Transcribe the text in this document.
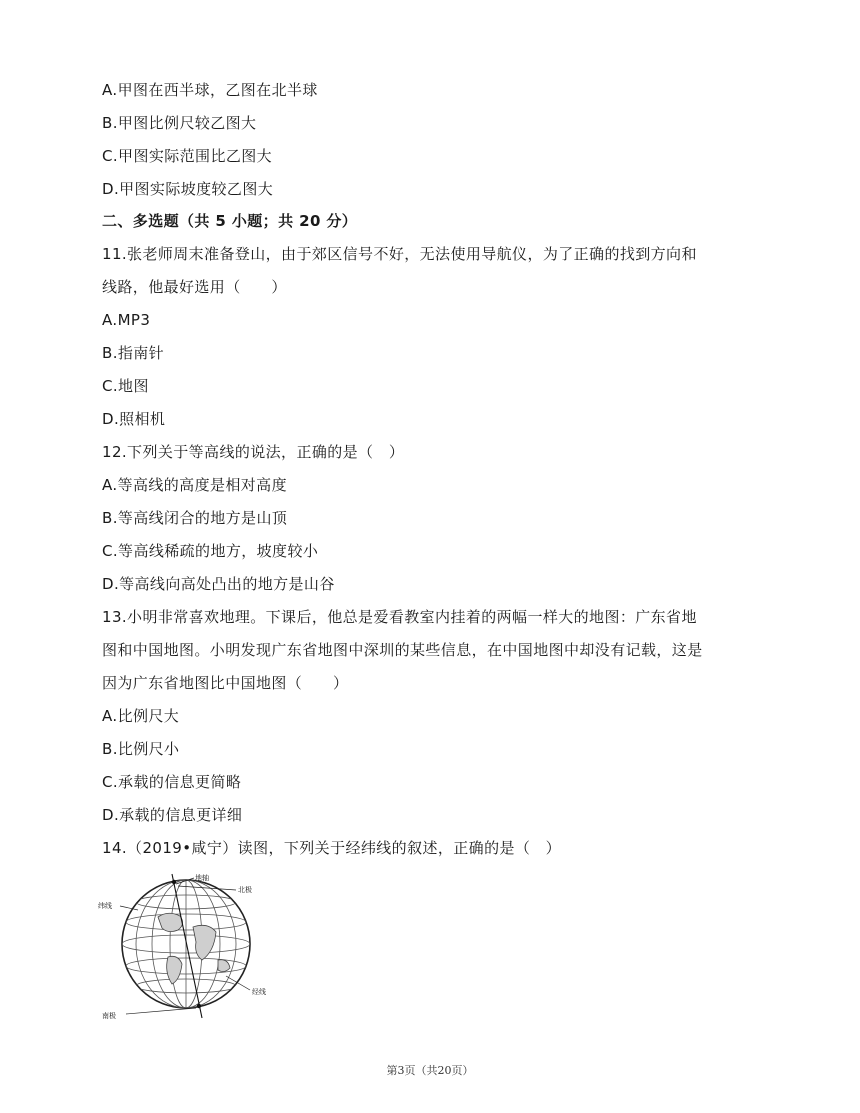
A.甲图在西半球，乙图在北半球
B.甲图比例尺较乙图大
C.甲图实际范围比乙图大
D.甲图实际坡度较乙图大
二、多选题（共 5 小题；共 20 分）
11.张老师周末准备登山，由于郊区信号不好，无法使用导航仪，为了正确的找到方向和
线路，他最好选用（　　）
A.MP3
B.指南针
C.地图
D.照相机
12.下列关于等高线的说法，正确的是（　）
A.等高线的高度是相对高度
B.等高线闭合的地方是山顶
C.等高线稀疏的地方，坡度较小
D.等高线向高处凸出的地方是山谷
13.小明非常喜欢地理。下课后，他总是爱看教室内挂着的两幅一样大的地图：广东省地
图和中国地图。小明发现广东省地图中深圳的某些信息，在中国地图中却没有记载，这是
因为广东省地图比中国地图（　　）
A.比例尺大
B.比例尺小
C.承载的信息更简略
D.承载的信息更详细
14.（2019•咸宁）读图，下列关于经纬线的叙述，正确的是（　）
地轴
北极
纬线
经线
南极
第3页（共20页）
